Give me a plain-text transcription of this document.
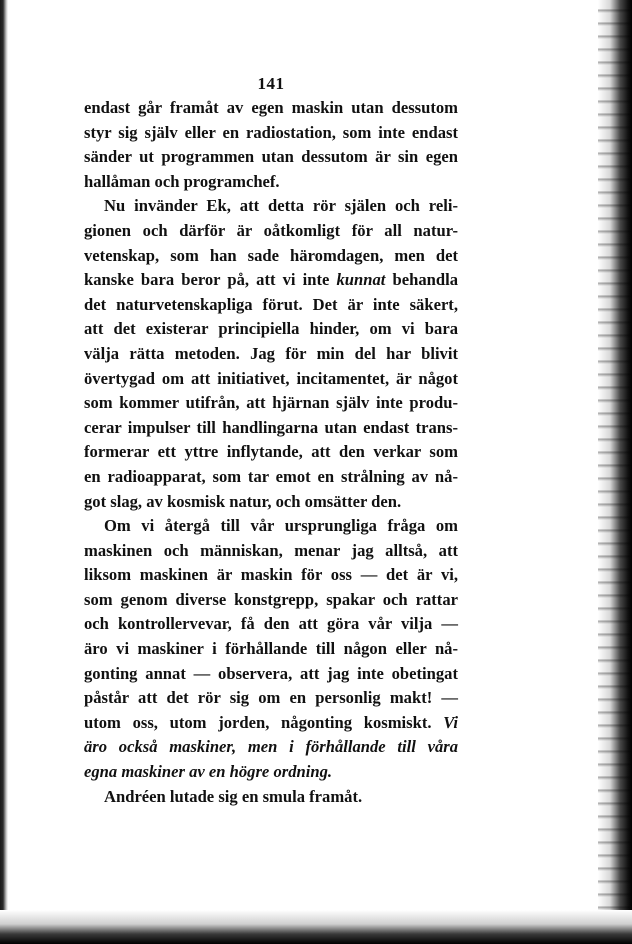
141
endast går framåt av egen maskin utan dessutom
styr sig själv eller en radiostation, som inte endast
sänder ut programmen utan dessutom är sin egen
hallåman och programchef.
Nu invänder Ek, att detta rör själen och reli-
gionen och därför är oåtkomligt för all natur-
vetenskap, som han sade häromdagen, men det
kanske bara beror på, att vi inte kunnat behandla
det naturvetenskapliga förut. Det är inte säkert,
att det existerar principiella hinder, om vi bara
välja rätta metoden. Jag för min del har blivit
övertygad om att initiativet, incitamentet, är något
som kommer utifrån, att hjärnan själv inte produ-
cerar impulser till handlingarna utan endast trans-
formerar ett yttre inflytande, att den verkar som
en radioapparat, som tar emot en strålning av nå-
got slag, av kosmisk natur, och omsätter den.
Om vi återgå till vår ursprungliga fråga om
maskinen och människan, menar jag alltså, att
liksom maskinen är maskin för oss — det är vi,
som genom diverse konstgrepp, spakar och rattar
och kontrollervevar, få den att göra vår vilja —
äro vi maskiner i förhållande till någon eller nå-
gonting annat — observera, att jag inte obetingat
påstår att det rör sig om en personlig makt! —
utom oss, utom jorden, någonting kosmiskt. Vi
äro också maskiner, men i förhållande till våra
egna maskiner av en högre ordning.
Andréen lutade sig en smula framåt.
